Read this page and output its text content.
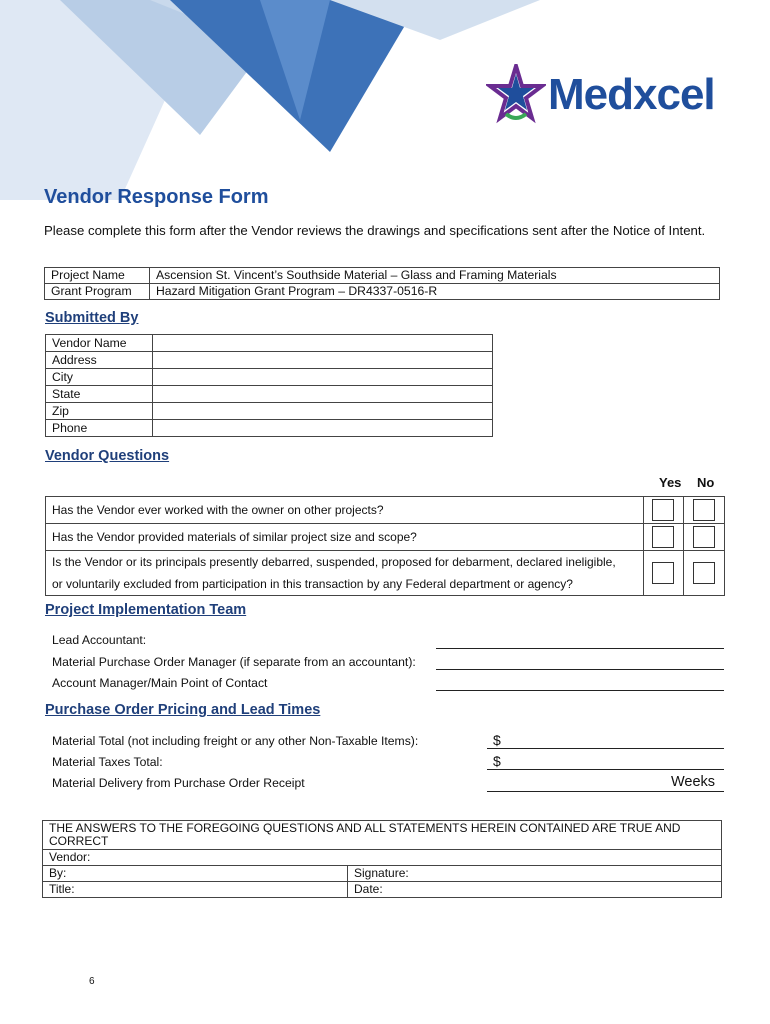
Medxcel
Vendor Response Form
Please complete this form after the Vendor reviews the drawings and specifications sent after the Notice of Intent.
Project Name	Ascension St. Vincent’s Southside Material – Glass and Framing Materials
Grant Program	Hazard Mitigation Grant Program – DR4337-0516-R
Submitted By
Vendor Name	
Address	
City	
State	
Zip	
Phone	
Vendor Questions
Yes No
Has the Vendor ever worked with the owner on other projects?		
Has the Vendor provided materials of similar project size and scope?		

Is the Vendor or its principals presently debarred, suspended, proposed for debarment, declared ineligible,
or voluntarily excluded from participation in this transaction by any Federal department or agency?		

Project Implementation Team
Lead Accountant:
Material Purchase Order Manager (if separate from an accountant):
Account Manager/Main Point of Contact
Purchase Order Pricing and Lead Times
Material Total (not including freight or any other Non-Taxable Items):	$
Material Taxes Total:	$
Material Delivery from Purchase Order Receipt	Weeks
THE ANSWERS TO THE FOREGOING QUESTIONS AND ALL STATEMENTS HEREIN CONTAINED ARE TRUE AND CORRECT	
Vendor:	
By:	Signature:
Title:	Date:
6
